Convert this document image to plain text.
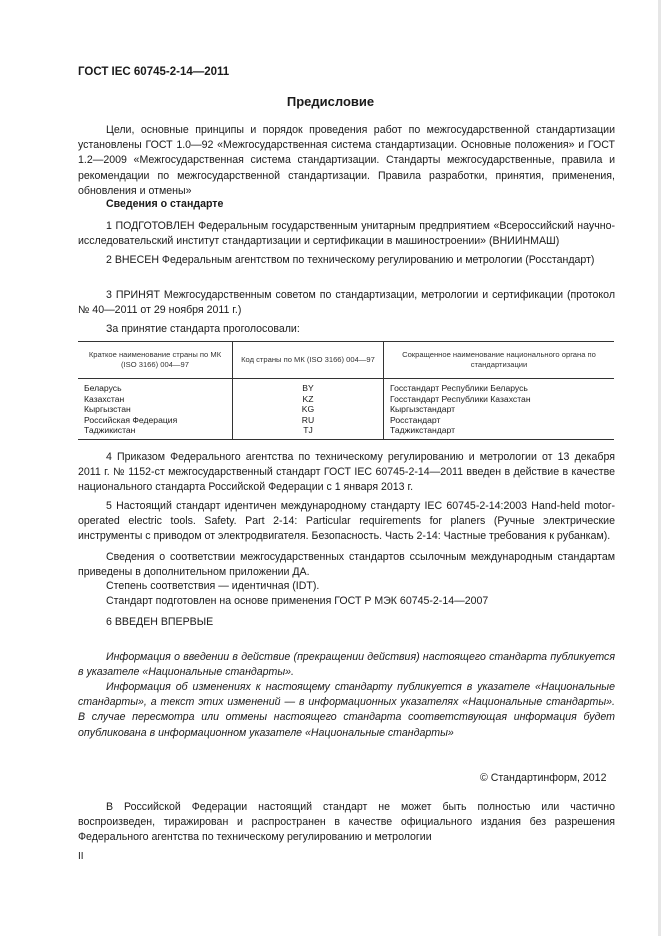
ГОСТ IEC 60745-2-14—2011
Предисловие
Цели, основные принципы и порядок проведения работ по межгосударственной стандартизации установлены ГОСТ 1.0—92 «Межгосударственная система стандартизации. Основные положения» и ГОСТ 1.2—2009 «Межгосударственная система стандартизации. Стандарты межгосударственные, правила и рекомендации по межгосударственной стандартизации. Правила разработки, принятия, применения, обновления и отмены»
Сведения о стандарте
1 ПОДГОТОВЛЕН Федеральным государственным унитарным предприятием «Всероссийский научно-исследовательский институт стандартизации и сертификации в машиностроении» (ВНИИНМАШ)
2 ВНЕСЕН Федеральным агентством по техническому регулированию и метрологии (Росстандарт)
3 ПРИНЯТ Межгосударственным советом по стандартизации, метрологии и сертификации (протокол № 40—2011 от 29 ноября 2011 г.)
За принятие стандарта проголосовали:
Краткое наименование страны по МК (ISO 3166) 004—97	Код страны по МК (ISO 3166) 004—97	Сокращенное наименование национального органа по стандартизации
Беларусь	BY	Госстандарт Республики Беларусь
Казахстан	KZ	Госстандарт Республики Казахстан
Кыргызстан	KG	Кыргызстандарт
Российская Федерация	RU	Росстандарт
Таджикистан	TJ	Таджикстандарт
4 Приказом Федерального агентства по техническому регулированию и метрологии от 13 декабря 2011 г. № 1152-ст межгосударственный стандарт ГОСТ IEC 60745-2-14—2011 введен в действие в качестве национального стандарта Российской Федерации с 1 января 2013 г.
5 Настоящий стандарт идентичен международному стандарту IEC 60745-2-14:2003 Hand-held motor-operated electric tools. Safety. Part 2-14: Particular requirements for planers (Ручные электрические инструменты с приводом от электродвигателя. Безопасность. Часть 2-14: Частные требования к рубанкам).
Сведения о соответствии межгосударственных стандартов ссылочным международным стандартам приведены в дополнительном приложении ДА.
Степень соответствия — идентичная (IDT).
Стандарт подготовлен на основе применения ГОСТ Р МЭК 60745-2-14—2007
6 ВВЕДЕН ВПЕРВЫЕ
Информация о введении в действие (прекращении действия) настоящего стандарта публикуется в указателе «Национальные стандарты».
Информация об изменениях к настоящему стандарту публикуется в указателе «Национальные стандарты», а текст этих изменений — в информационных указателях «Национальные стандарты». В случае пересмотра или отмены настоящего стандарта соответствующая информация будет опубликована в информационном указателе «Национальные стандарты»
© Стандартинформ, 2012
В Российской Федерации настоящий стандарт не может быть полностью или частично воспроизведен, тиражирован и распространен в качестве официального издания без разрешения Федерального агентства по техническому регулированию и метрологии
II
